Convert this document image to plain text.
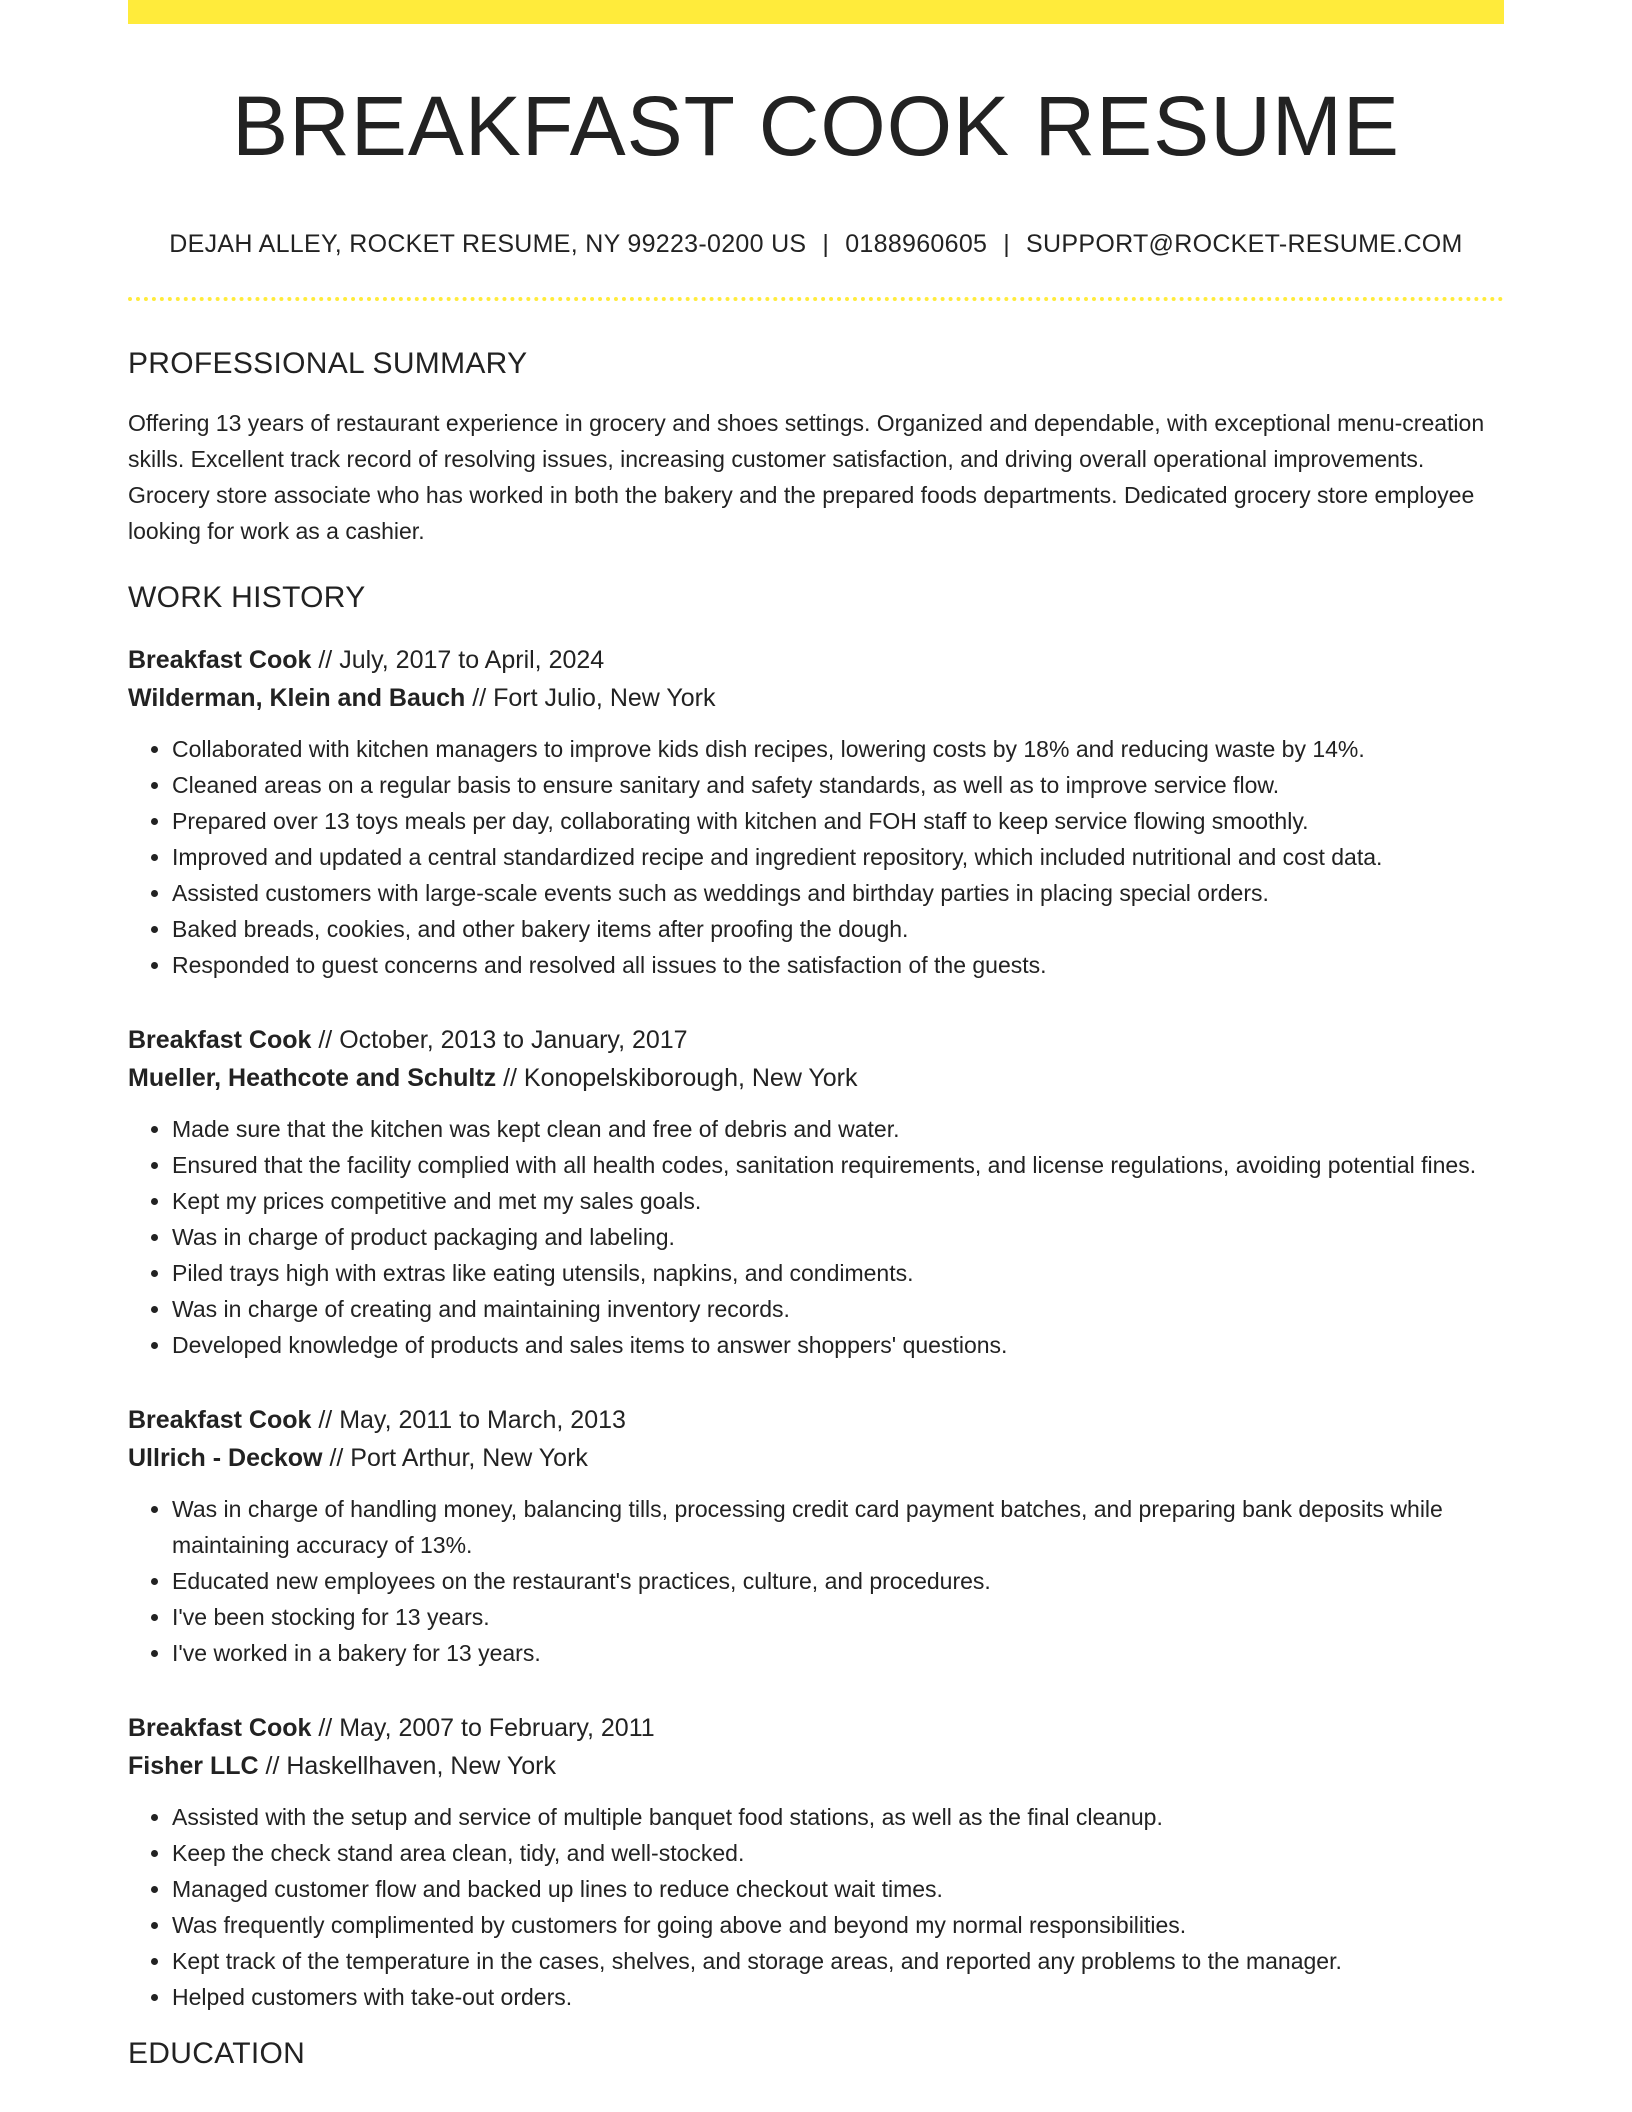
BREAKFAST COOK RESUME
DEJAH ALLEY, ROCKET RESUME, NY 99223-0200 US | 0188960605 | SUPPORT@ROCKET-RESUME.COM
PROFESSIONAL SUMMARY
Offering 13 years of restaurant experience in grocery and shoes settings. Organized and dependable, with exceptional menu-creation skills. Excellent track record of resolving issues, increasing customer satisfaction, and driving overall operational improvements. Grocery store associate who has worked in both the bakery and the prepared foods departments. Dedicated grocery store employee looking for work as a cashier.
WORK HISTORY
Breakfast Cook // July, 2017 to April, 2024
Wilderman, Klein and Bauch // Fort Julio, New York
• Collaborated with kitchen managers to improve kids dish recipes, lowering costs by 18% and reducing waste by 14%.
• Cleaned areas on a regular basis to ensure sanitary and safety standards, as well as to improve service flow.
• Prepared over 13 toys meals per day, collaborating with kitchen and FOH staff to keep service flowing smoothly.
• Improved and updated a central standardized recipe and ingredient repository, which included nutritional and cost data.
• Assisted customers with large-scale events such as weddings and birthday parties in placing special orders.
• Baked breads, cookies, and other bakery items after proofing the dough.
• Responded to guest concerns and resolved all issues to the satisfaction of the guests.
Breakfast Cook // October, 2013 to January, 2017
Mueller, Heathcote and Schultz // Konopelskiborough, New York
• Made sure that the kitchen was kept clean and free of debris and water.
• Ensured that the facility complied with all health codes, sanitation requirements, and license regulations, avoiding potential fines.
• Kept my prices competitive and met my sales goals.
• Was in charge of product packaging and labeling.
• Piled trays high with extras like eating utensils, napkins, and condiments.
• Was in charge of creating and maintaining inventory records.
• Developed knowledge of products and sales items to answer shoppers' questions.
Breakfast Cook // May, 2011 to March, 2013
Ullrich - Deckow // Port Arthur, New York
• Was in charge of handling money, balancing tills, processing credit card payment batches, and preparing bank deposits while maintaining accuracy of 13%.
• Educated new employees on the restaurant's practices, culture, and procedures.
• I've been stocking for 13 years.
• I've worked in a bakery for 13 years.
Breakfast Cook // May, 2007 to February, 2011
Fisher LLC // Haskellhaven, New York
• Assisted with the setup and service of multiple banquet food stations, as well as the final cleanup.
• Keep the check stand area clean, tidy, and well-stocked.
• Managed customer flow and backed up lines to reduce checkout wait times.
• Was frequently complimented by customers for going above and beyond my normal responsibilities.
• Kept track of the temperature in the cases, shelves, and storage areas, and reported any problems to the manager.
• Helped customers with take-out orders.
EDUCATION
